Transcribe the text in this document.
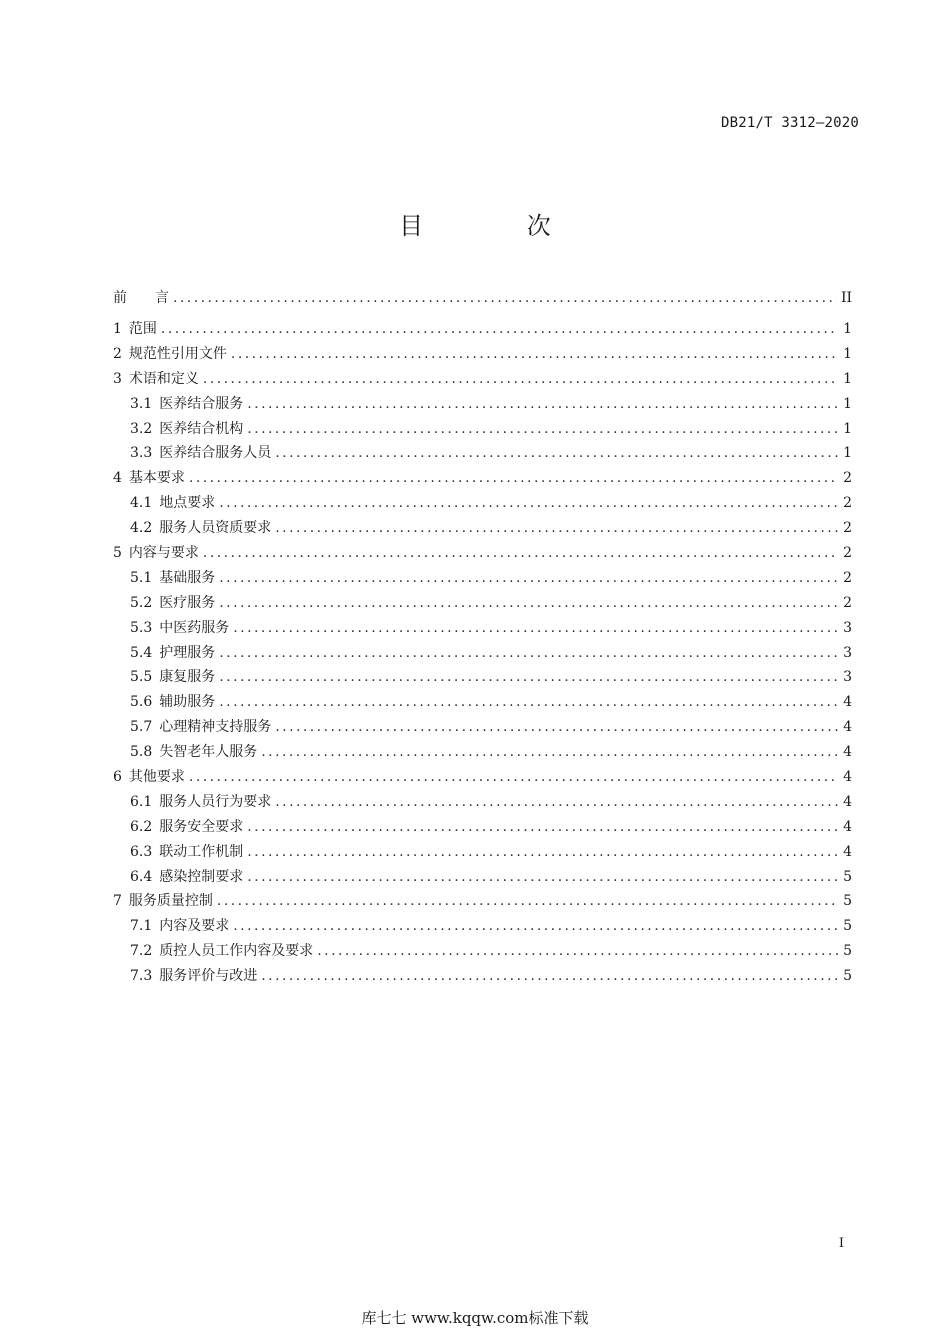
DB21/T 3312—2020
目 次
前　　言 . . .	II
1 范围 . . .	1
2 规范性引用文件 . . .	1
3 术语和定义 . . .	1
3.1 医养结合服务 . . .	1
3.2 医养结合机构 . . .	1
3.3 医养结合服务人员 . . .	1
4 基本要求 . . .	2
4.1 地点要求 . . .	2
4.2 服务人员资质要求 . . .	2
5 内容与要求 . . .	2
5.1 基础服务 . . .	2
5.2 医疗服务 . . .	2
5.3 中医药服务 . . .	3
5.4 护理服务 . . .	3
5.5 康复服务 . . .	3
5.6 辅助服务 . . .	4
5.7 心理精神支持服务 . . .	4
5.8 失智老年人服务 . . .	4
6 其他要求 . . .	4
6.1 服务人员行为要求 . . .	4
6.2 服务安全要求 . . .	4
6.3 联动工作机制 . . .	4
6.4 感染控制要求 . . .	5
7 服务质量控制 . . .	5
7.1 内容及要求 . . .	5
7.2 质控人员工作内容及要求 . . .	5
7.3 服务评价与改进 . . .	5
I
库七七 www.kqqw.com标准下载
